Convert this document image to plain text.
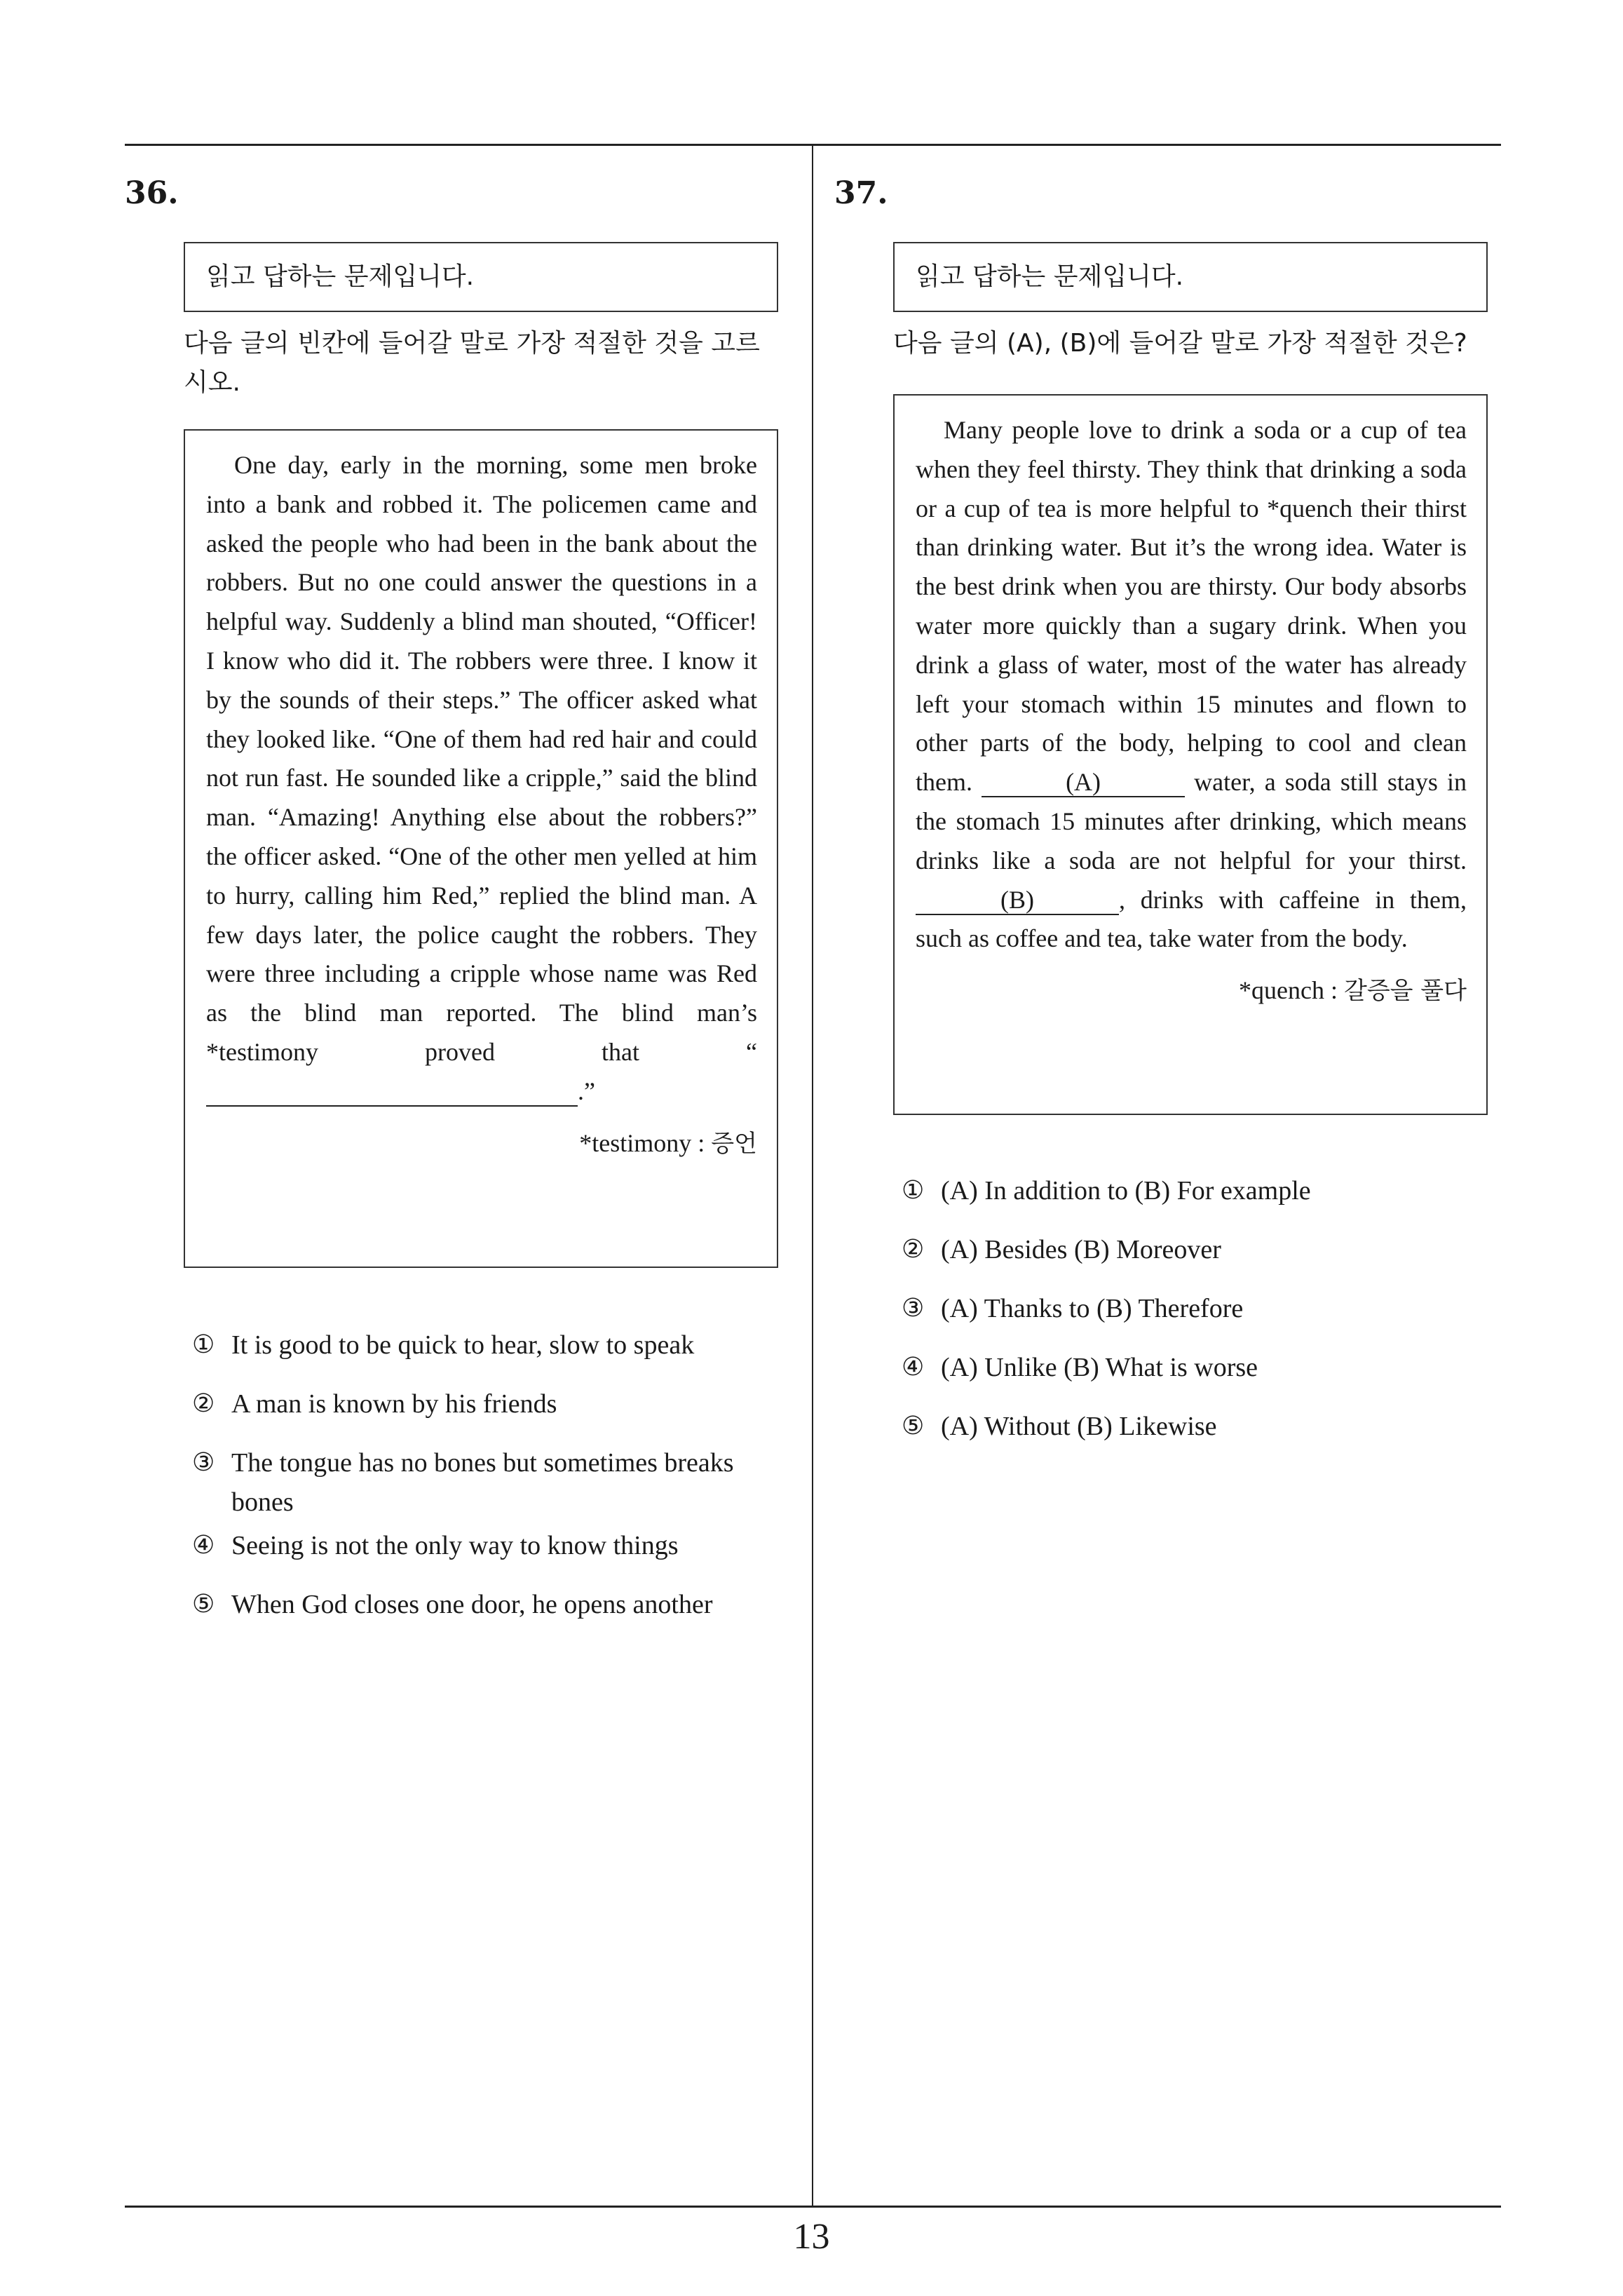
36.
읽고 답하는 문제입니다.

다음 글의 빈칸에 들어갈 말로 가장 적절한 것을 고르
시오.

One day, early in the morning, some men broke into a bank and robbed it. The policemen came and asked the people who had been in the bank about the robbers. But no one could answer the questions in a helpful way. Suddenly a blind man shouted, “Officer! I know who did it. The robbers were three. I know it by the sounds of their steps.” The officer asked what they looked like. “One of them had red hair and could not run fast. He sounded like a cripple,” said the blind man. “Amazing! Anything else about the robbers?” the officer asked. “One of the other men yelled at him to hurry, calling him Red,” replied the blind man. A few days later, the police caught the robbers. They were three including a cripple whose name was Red as the blind man reported. The blind man’s *testimony proved that “ .”

*testimony : 증언
① It is good to be quick to hear, slow to speak
② A man is known by his friends
③ The tongue has no bones but sometimes breaks bones
④ Seeing is not the only way to know things
⑤ When God closes one door, he opens another
37.
읽고 답하는 문제입니다.

다음 글의 (A), (B)에 들어갈 말로 가장 적절한 것은?

Many people love to drink a soda or a cup of tea when they feel thirsty. They think that drinking a soda or a cup of tea is more helpful to *quench their thirst than drinking water. But it’s the wrong idea. Water is the best drink when you are thirsty. Our body absorbs water more quickly than a sugary drink. When you drink a glass of water, most of the water has already left your stomach within 15 minutes and flown to other parts of the body, helping to cool and clean them.	(A)	water, a soda still stays in the stomach 15 minutes after drinking, which means drinks like a soda are not helpful for your thirst. (B)	, drinks with caffeine in them, such as coffee and tea, take water from the body.

*quench : 갈증을 풀다
① (A) In addition to (B) For example
② (A) Besides (B) Moreover
③ (A) Thanks to (B) Therefore
④ (A) Unlike (B) What is worse
⑤ (A) Without (B) Likewise
13
